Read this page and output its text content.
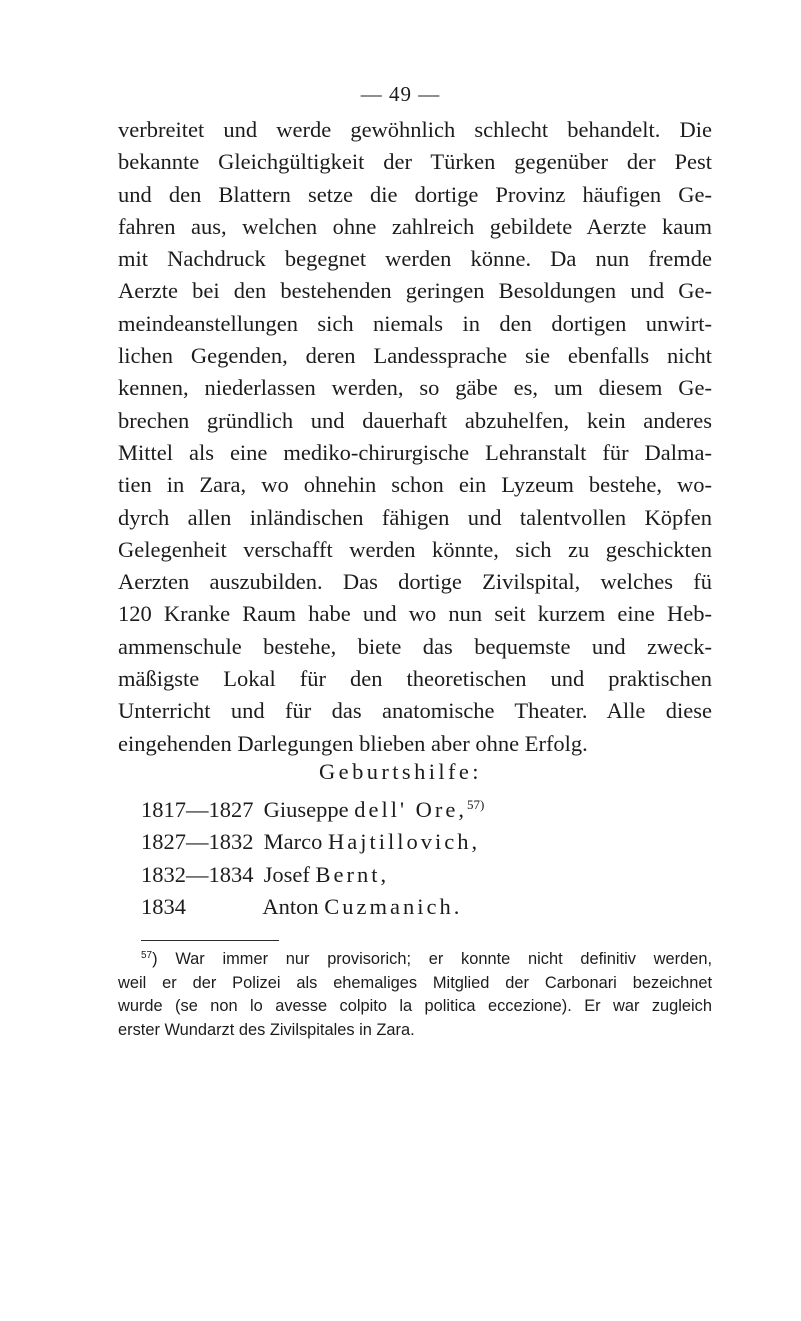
— 49 —
verbreitet und werde gewöhnlich schlecht behandelt. Die
bekannte Gleichgültigkeit der Türken gegenüber der Pest
und den Blattern setze die dortige Provinz häufigen Ge-
fahren aus, welchen ohne zahlreich gebildete Aerzte kaum
mit Nachdruck begegnet werden könne. Da nun fremde
Aerzte bei den bestehenden geringen Besoldungen und Ge-
meindeanstellungen sich niemals in den dortigen unwirt-
lichen Gegenden, deren Landessprache sie ebenfalls nicht
kennen, niederlassen werden, so gäbe es, um diesem Ge-
brechen gründlich und dauerhaft abzuhelfen, kein anderes
Mittel als eine mediko-chirurgische Lehranstalt für Dalma-
tien in Zara, wo ohnehin schon ein Lyzeum bestehe, wo-
dyrch allen inländischen fähigen und talentvollen Köpfen
Gelegenheit verschafft werden könnte, sich zu geschickten
Aerzten auszubilden. Das dortige Zivilspital, welches fü
120 Kranke Raum habe und wo nun seit kurzem eine Heb-
ammenschule bestehe, biete das bequemste und zweck-
mäßigste Lokal für den theoretischen und praktischen
Unterricht und für das anatomische Theater. Alle diese
eingehenden Darlegungen blieben aber ohne Erfolg.
Geburtshilfe:
1817—1827 Giuseppe dell' Ore,$^{57)}$
1827—1832 Marco Hajtillovich,
1832—1834 Josef Bernt,
1834	Anton Cuzmanich.
$^{57}$) War immer nur provisorich; er konnte nicht definitiv werden,
weil er der Polizei als ehemaliges Mitglied der Carbonari bezeichnet
wurde (se non lo avesse colpito la politica eccezione). Er war zugleich
erster Wundarzt des Zivilspitales in Zara.
